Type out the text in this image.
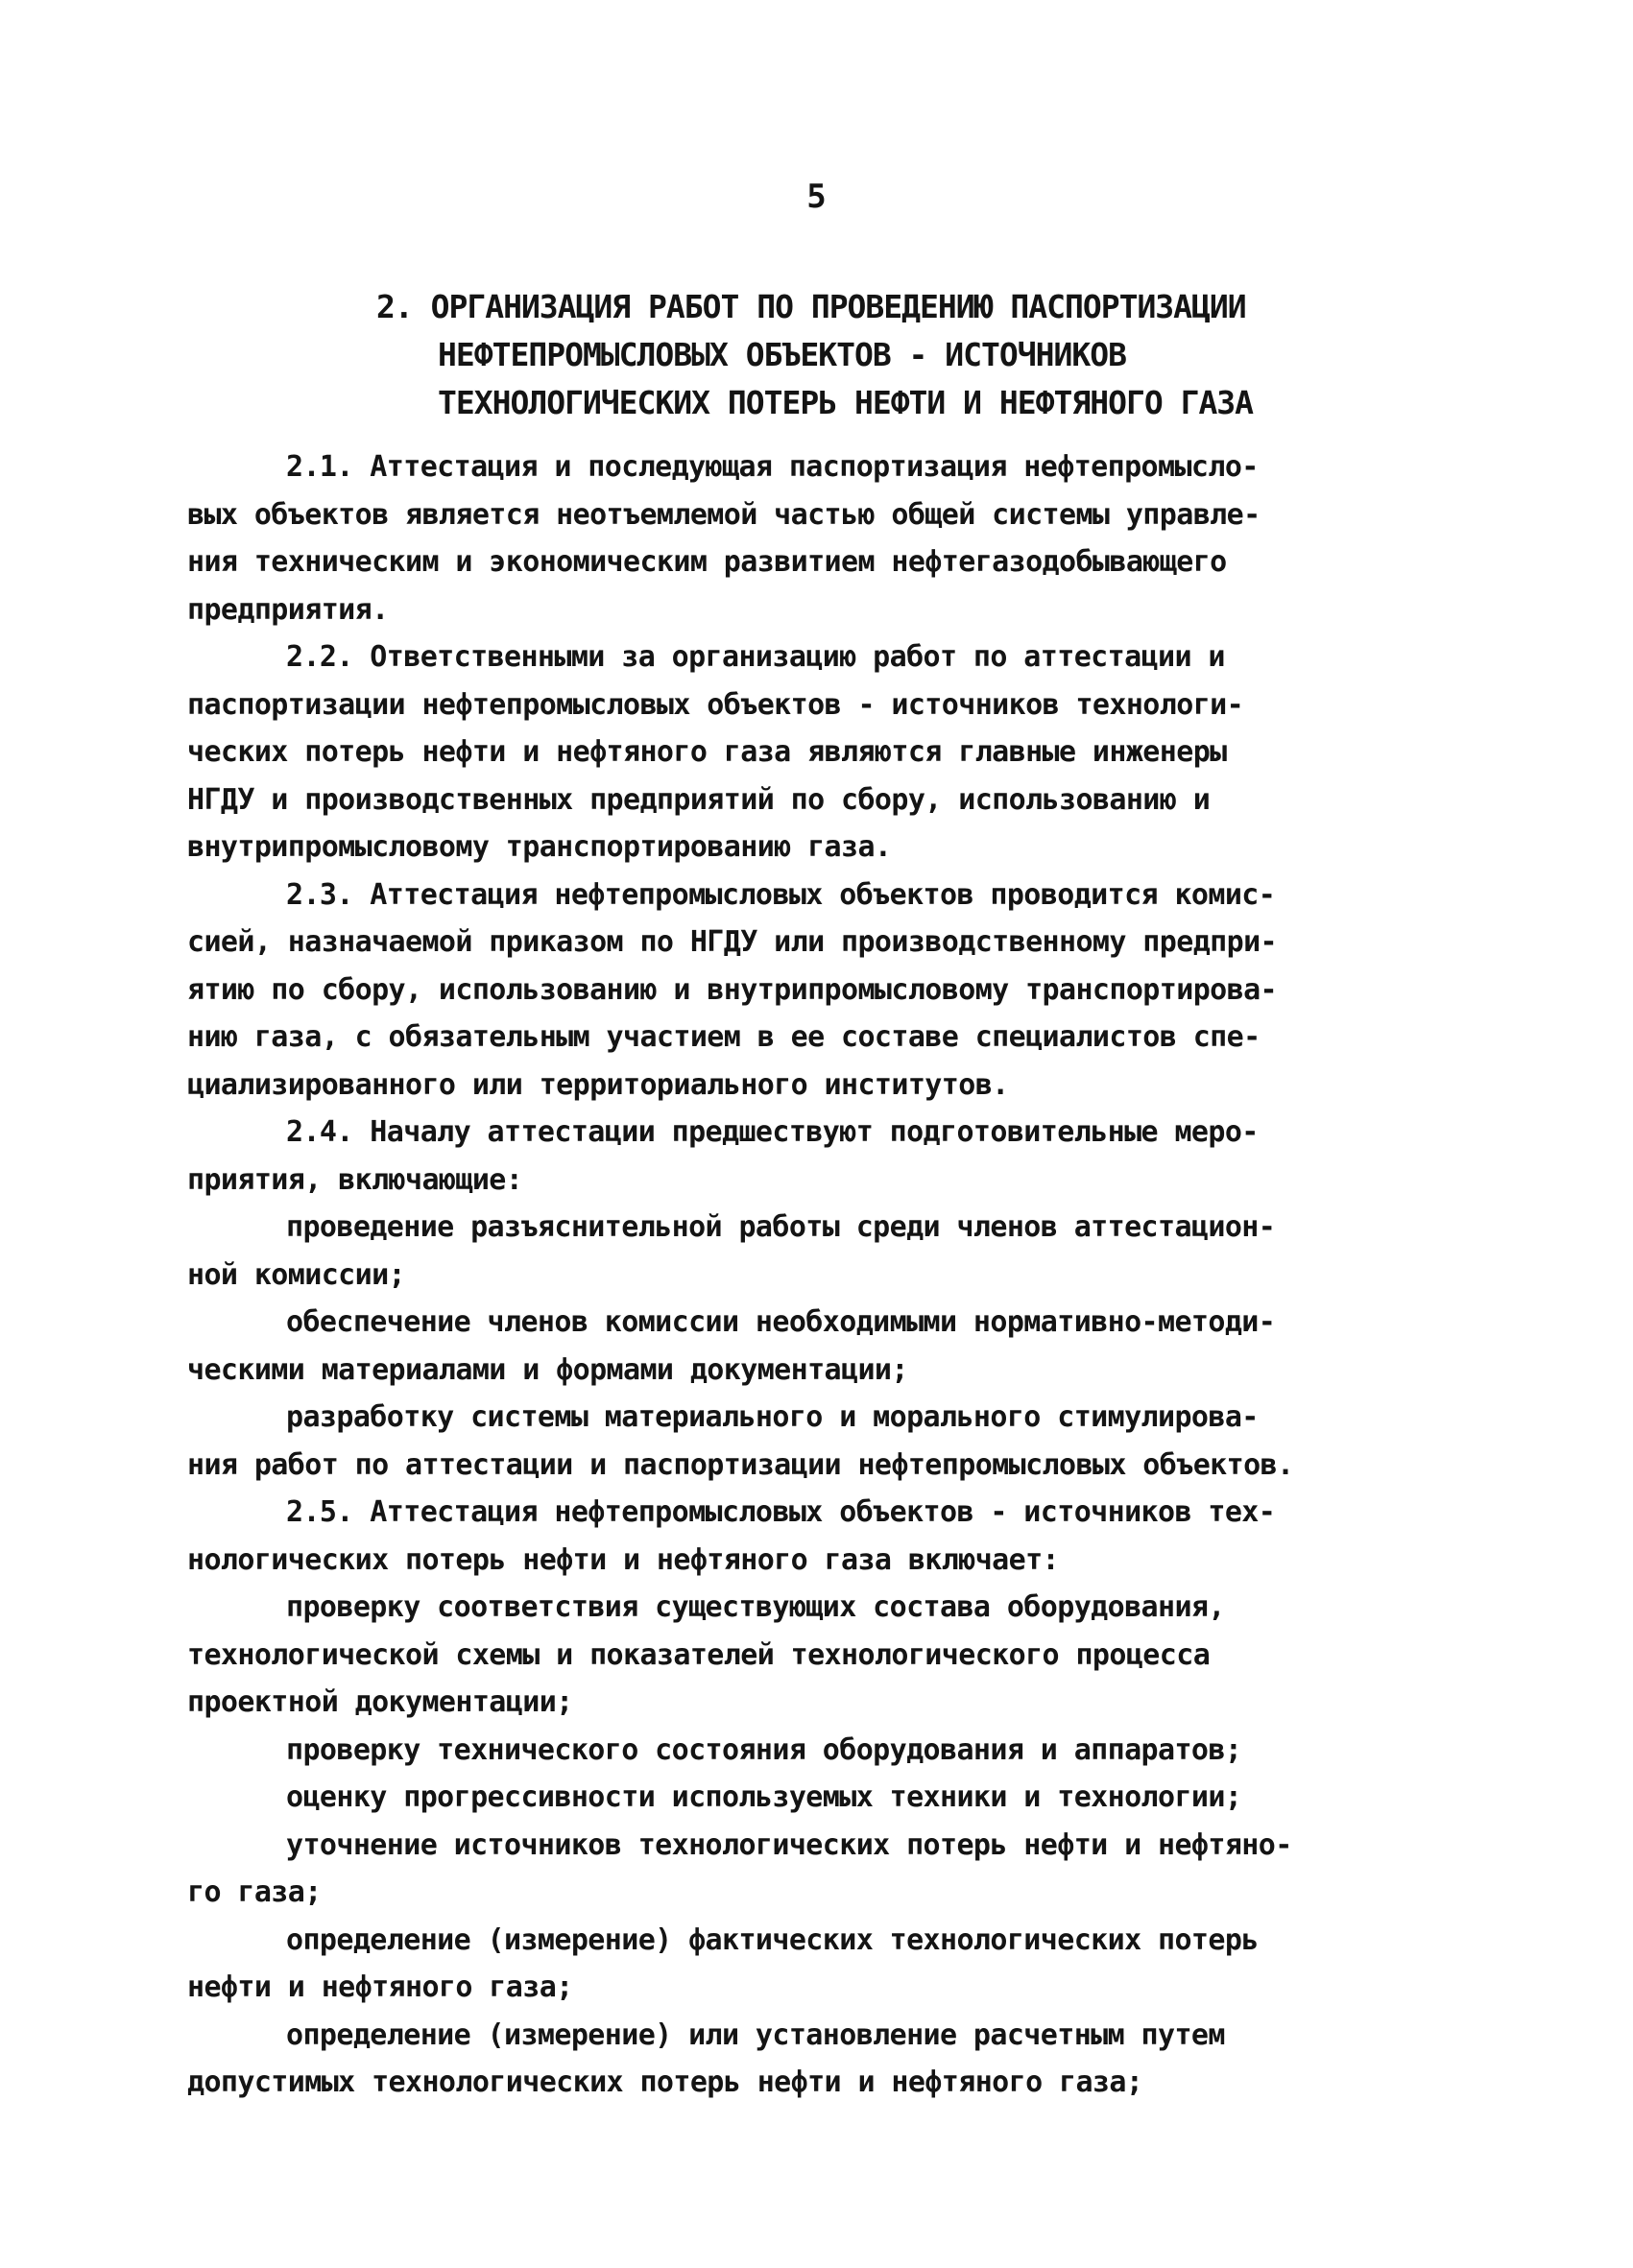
5
2. ОРГАНИЗАЦИЯ РАБОТ ПО ПРОВЕДЕНИЮ ПАСПОРТИЗАЦИИ
НЕФТЕПРОМЫСЛОВЫХ ОБЪЕКТОВ - ИСТОЧНИКОВ
ТЕХНОЛОГИЧЕСКИХ ПОТЕРЬ НЕФТИ И НЕФТЯНОГО ГАЗА
2.1. Аттестация и последующая паспортизация нефтепромысло-
вых объектов является неотъемлемой частью общей системы управле-
ния техническим и экономическим развитием нефтегазодобывающего
предприятия.
2.2. Ответственными за организацию работ по аттестации и
паспортизации нефтепромысловых объектов - источников технологи-
ческих потерь нефти и нефтяного газа являются главные инженеры
НГДУ и производственных предприятий по сбору, использованию и
внутрипромысловому транспортированию газа.
2.3. Аттестация нефтепромысловых объектов проводится комис-
сией, назначаемой приказом по НГДУ или производственному предпри-
ятию по сбору, использованию и внутрипромысловому транспортирова-
нию газа, с обязательным участием в ее составе специалистов спе-
циализированного или территориального институтов.
2.4. Началу аттестации предшествуют подготовительные меро-
приятия, включающие:
проведение разъяснительной работы среди членов аттестацион-
ной комиссии;
обеспечение членов комиссии необходимыми нормативно-методи-
ческими материалами и формами документации;
разработку системы материального и морального стимулирова-
ния работ по аттестации и паспортизации нефтепромысловых объектов.
2.5. Аттестация нефтепромысловых объектов - источников тех-
нологических потерь нефти и нефтяного газа включает:
проверку соответствия существующих состава оборудования,
технологической схемы и показателей технологического процесса
проектной документации;
проверку технического состояния оборудования и аппаратов;
оценку прогрессивности используемых техники и технологии;
уточнение источников технологических потерь нефти и нефтяно-
го газа;
определение (измерение) фактических технологических потерь
нефти и нефтяного газа;
определение (измерение) или установление расчетным путем
допустимых технологических потерь нефти и нефтяного газа;
